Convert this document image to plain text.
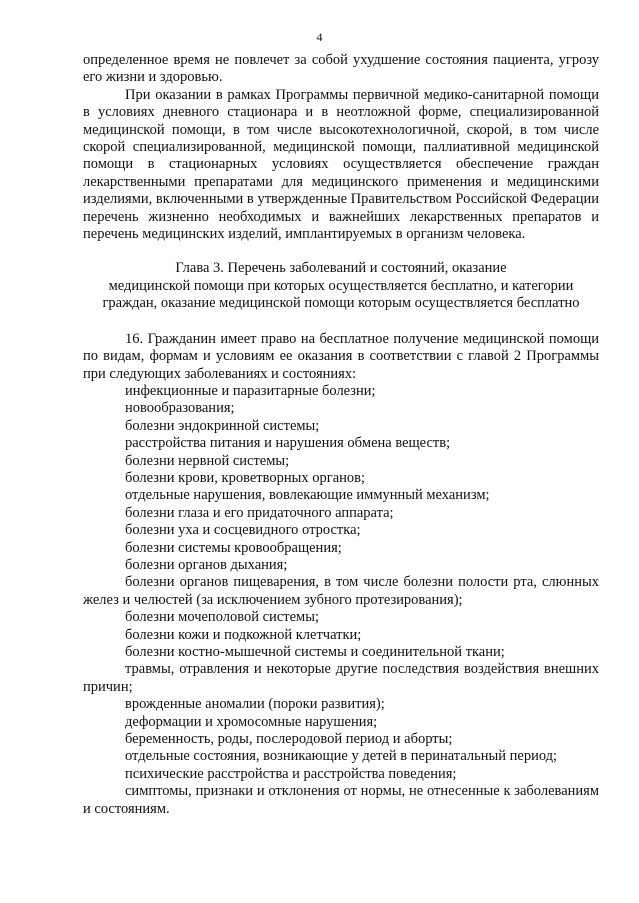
4

определенное время не повлечет за собой ухудшение состояния пациента, угрозу его жизни и здоровью.

При оказании в рамках Программы первичной медико-санитарной помощи в условиях дневного стационара и в неотложной форме, специализированной медицинской помощи, в том числе высокотехнологичной, скорой, в том числе скорой специализированной, медицинской помощи, паллиативной медицинской помощи в стационарных условиях осуществляется обеспечение граждан лекарственными препаратами для медицинского применения и медицинскими изделиями, включенными в утвержденные Правительством Российской Федерации перечень жизненно необходимых и важнейших лекарственных препаратов и перечень медицинских изделий, имплантируемых в организм человека.

Глава 3. Перечень заболеваний и состояний, оказание
медицинской помощи при которых осуществляется бесплатно, и категории
граждан, оказание медицинской помощи которым осуществляется бесплатно

16. Гражданин имеет право на бесплатное получение медицинской помощи по видам, формам и условиям ее оказания в соответствии с главой 2 Программы при следующих заболеваниях и состояниях:

инфекционные и паразитарные болезни;
новообразования;
болезни эндокринной системы;
расстройства питания и нарушения обмена веществ;
болезни нервной системы;
болезни крови, кроветворных органов;
отдельные нарушения, вовлекающие иммунный механизм;
болезни глаза и его придаточного аппарата;
болезни уха и сосцевидного отростка;
болезни системы кровообращения;
болезни органов дыхания;
болезни органов пищеварения, в том числе болезни полости рта, слюнных желез и челюстей (за исключением зубного протезирования);
болезни мочеполовой системы;
болезни кожи и подкожной клетчатки;
болезни костно-мышечной системы и соединительной ткани;
травмы, отравления и некоторые другие последствия воздействия внешних причин;
врожденные аномалии (пороки развития);
деформации и хромосомные нарушения;
беременность, роды, послеродовой период и аборты;
отдельные состояния, возникающие у детей в перинатальный период;
психические расстройства и расстройства поведения;
симптомы, признаки и отклонения от нормы, не отнесенные к заболеваниям и состояниям.
